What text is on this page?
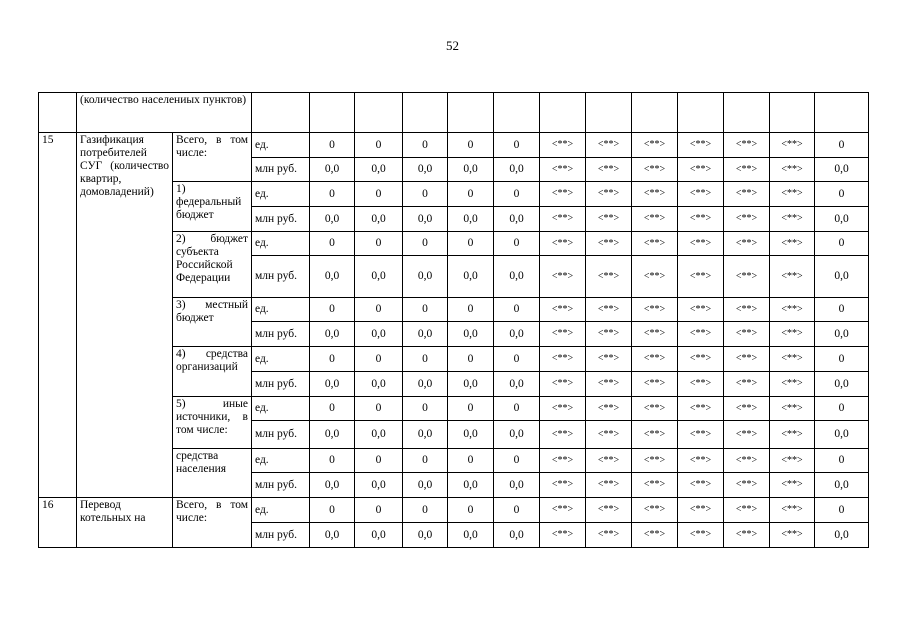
52
	(количество населениых пунктов)														
15	Газификация потребителей СУГ (количество квартир, домовладений)	Всего, в том числе:	ед.	0	0	0	0	0	<**>	<**>	<**>	<**>	<**>	<**>	0
			млн руб.	0,0	0,0	0,0	0,0	0,0	<**>	<**>	<**>	<**>	<**>	<**>	0,0
		1) федеральный бюджет	ед.	0	0	0	0	0	<**>	<**>	<**>	<**>	<**>	<**>	0
			млн руб.	0,0	0,0	0,0	0,0	0,0	<**>	<**>	<**>	<**>	<**>	<**>	0,0
		2) бюджет субъекта Российской Федерации	ед.	0	0	0	0	0	<**>	<**>	<**>	<**>	<**>	<**>	0
			млн руб.	0,0	0,0	0,0	0,0	0,0	<**>	<**>	<**>	<**>	<**>	<**>	0,0
		3) местный бюджет	ед.	0	0	0	0	0	<**>	<**>	<**>	<**>	<**>	<**>	0
			млн руб.	0,0	0,0	0,0	0,0	0,0	<**>	<**>	<**>	<**>	<**>	<**>	0,0
		4) средства организаций	ед.	0	0	0	0	0	<**>	<**>	<**>	<**>	<**>	<**>	0
			млн руб.	0,0	0,0	0,0	0,0	0,0	<**>	<**>	<**>	<**>	<**>	<**>	0,0
		5) иные источники, в том числе:	ед.	0	0	0	0	0	<**>	<**>	<**>	<**>	<**>	<**>	0
			млн руб.	0,0	0,0	0,0	0,0	0,0	<**>	<**>	<**>	<**>	<**>	<**>	0,0
		средства населения	ед.	0	0	0	0	0	<**>	<**>	<**>	<**>	<**>	<**>	0
			млн руб.	0,0	0,0	0,0	0,0	0,0	<**>	<**>	<**>	<**>	<**>	<**>	0,0
16	Перевод котельных на	Всего, в том числе:	ед.	0	0	0	0	0	<**>	<**>	<**>	<**>	<**>	<**>	0
			млн руб.	0,0	0,0	0,0	0,0	0,0	<**>	<**>	<**>	<**>	<**>	<**>	0,0
